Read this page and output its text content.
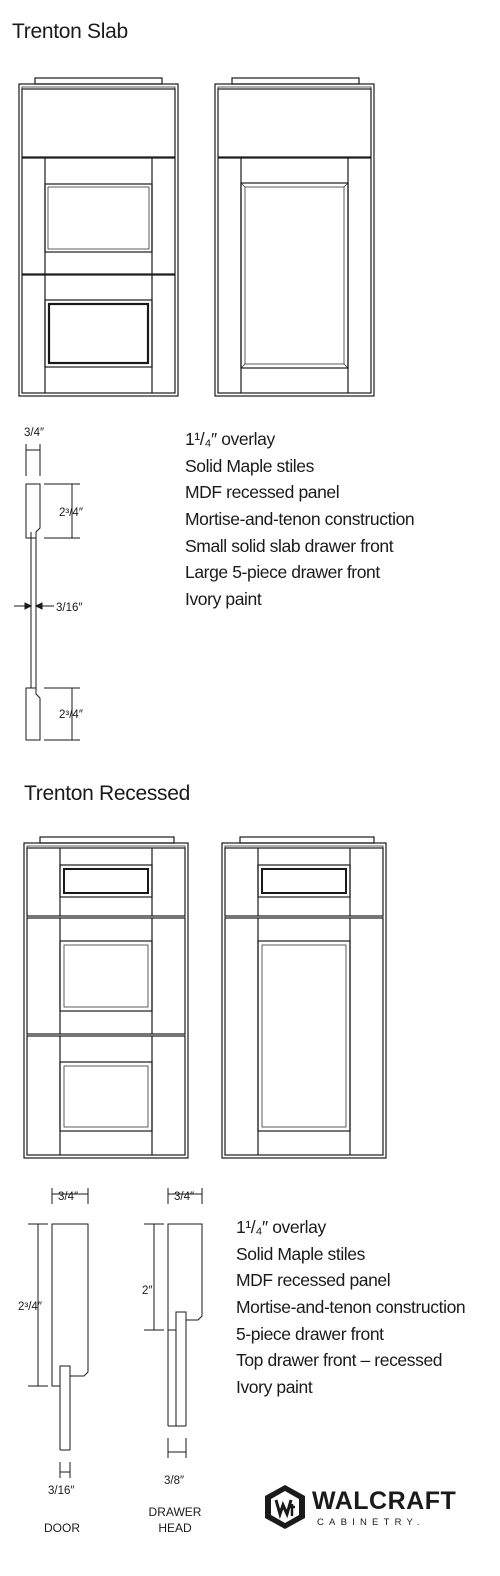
Trenton Slab
3/4″
2³/4″
3/16″
2³/4″
1¹/₄″ overlay
Solid Maple stiles
MDF recessed panel
Mortise-and-tenon construction
Small solid slab drawer front
Large 5-piece drawer front
Ivory paint
Trenton Recessed
3/4″
2³/4″
3/16″
3/4″
2″
3/8″
DOOR
DRAWER
HEAD
1¹/₄″ overlay
Solid Maple stiles
MDF recessed panel
Mortise-and-tenon construction
5-piece drawer front
Top drawer front – recessed
Ivory paint
WALCRAFT
CABINETRY.
